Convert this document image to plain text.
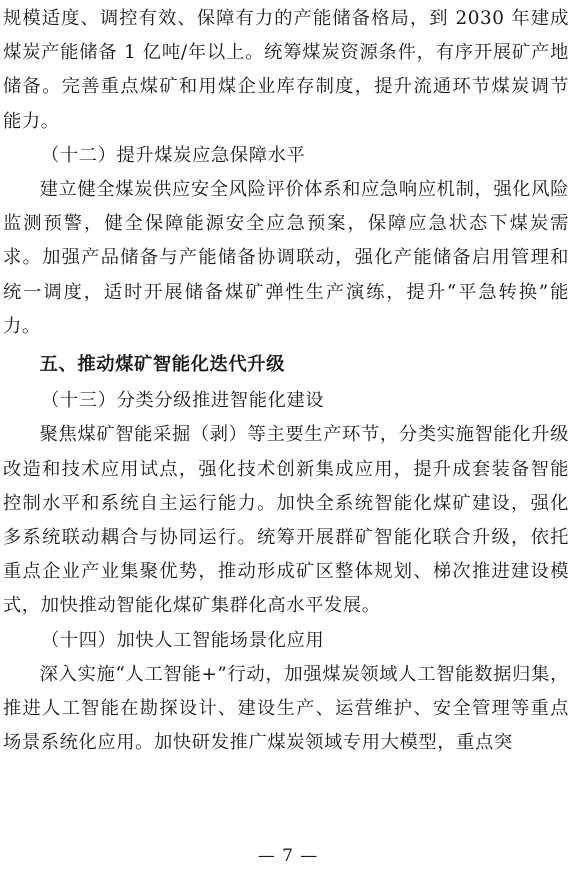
规模适度、调控有效、保障有力的产能储备格局，到 2030 年建成煤炭产能储备 1 亿吨/年以上。统筹煤炭资源条件，有序开展矿产地储备。完善重点煤矿和用煤企业库存制度，提升流通环节煤炭调节能力。

（十二）提升煤炭应急保障水平

建立健全煤炭供应安全风险评价体系和应急响应机制，强化风险监测预警，健全保障能源安全应急预案，保障应急状态下煤炭需求。加强产品储备与产能储备协调联动，强化产能储备启用管理和统一调度，适时开展储备煤矿弹性生产演练，提升“平急转换”能力。

五、推动煤矿智能化迭代升级

（十三）分类分级推进智能化建设

聚焦煤矿智能采掘（剥）等主要生产环节，分类实施智能化升级改造和技术应用试点，强化技术创新集成应用，提升成套装备智能控制水平和系统自主运行能力。加快全系统智能化煤矿建设，强化多系统联动耦合与协同运行。统筹开展群矿智能化联合升级，依托重点企业产业集聚优势，推动形成矿区整体规划、梯次推进建设模式，加快推动智能化煤矿集群化高水平发展。

（十四）加快人工智能场景化应用

深入实施“人工智能+”行动，加强煤炭领域人工智能数据归集，推进人工智能在勘探设计、建设生产、运营维护、安全管理等重点场景系统化应用。加快研发推广煤炭领域专用大模型，重点突

— 7 —
